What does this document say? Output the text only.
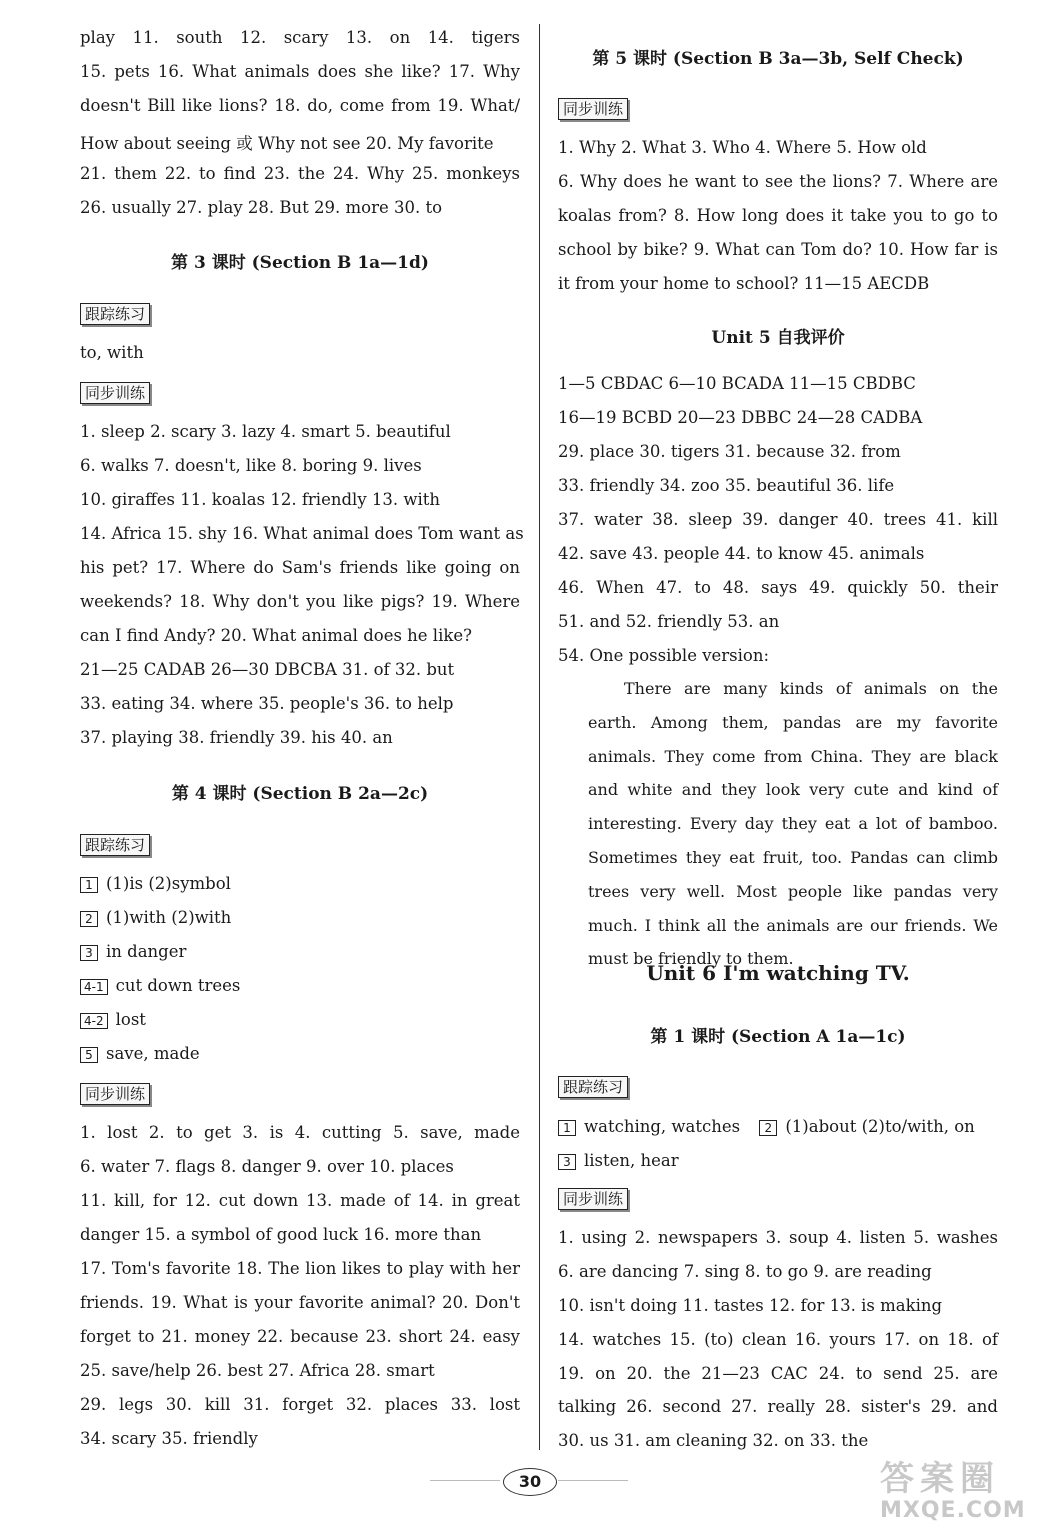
play 11. south 12. scary 13. on 14. tigers
15. pets 16. What animals does she like? 17. Why
doesn't Bill like lions? 18. do, come from 19. What/
How about seeing 或 Why not see 20. My favorite
21. them 22. to find 23. the 24. Why 25. monkeys
26. usually 27. play 28. But 29. more 30. to
第 3 课时 (Section B 1a—1d)
跟踪练习
to, with
同步训练
1. sleep 2. scary 3. lazy 4. smart 5. beautiful
6. walks 7. doesn't, like 8. boring 9. lives
10. giraffes 11. koalas 12. friendly 13. with
14. Africa 15. shy 16. What animal does Tom want as
his pet? 17. Where do Sam's friends like going on
weekends? 18. Why don't you like pigs? 19. Where
can I find Andy? 20. What animal does he like?
21—25 CADAB 26—30 DBCBA 31. of 32. but
33. eating 34. where 35. people's 36. to help
37. playing 38. friendly 39. his 40. an
第 4 课时 (Section B 2a—2c)
跟踪练习
1 (1)is (2)symbol
2 (1)with (2)with
3 in danger
4-1 cut down trees
4-2 lost
5 save, made
同步训练
1. lost 2. to get 3. is 4. cutting 5. save, made
6. water 7. flags 8. danger 9. over 10. places
11. kill, for 12. cut down 13. made of 14. in great
danger 15. a symbol of good luck 16. more than
17. Tom's favorite 18. The lion likes to play with her
friends. 19. What is your favorite animal? 20. Don't
forget to 21. money 22. because 23. short 24. easy
25. save/help 26. best 27. Africa 28. smart
29. legs 30. kill 31. forget 32. places 33. lost
34. scary 35. friendly
第 5 课时 (Section B 3a—3b, Self Check)
同步训练
1. Why 2. What 3. Who 4. Where 5. How old
6. Why does he want to see the lions? 7. Where are
koalas from? 8. How long does it take you to go to
school by bike? 9. What can Tom do? 10. How far is
it from your home to school? 11—15 AECDB
Unit 5 自我评价
1—5 CBDAC 6—10 BCADA 11—15 CBDBC
16—19 BCBD 20—23 DBBC 24—28 CADBA
29. place 30. tigers 31. because 32. from
33. friendly 34. zoo 35. beautiful 36. life
37. water 38. sleep 39. danger 40. trees 41. kill
42. save 43. people 44. to know 45. animals
46. When 47. to 48. says 49. quickly 50. their
51. and 52. friendly 53. an
54. One possible version:

There are many kinds of animals on the earth. Among them, pandas are my favorite animals. They come from China. They are black and white and they look very cute and kind of interesting. Every day they eat a lot of bamboo. Sometimes they eat fruit, too. Pandas can climb trees very well. Most people like pandas very much. I think all the animals are our friends. We must be friendly to them.

Unit 6 I'm watching TV.
第 1 课时 (Section A 1a—1c)
跟踪练习
1 watching, watches 2 (1)about (2)to/with, on
3 listen, hear
同步训练
1. using 2. newspapers 3. soup 4. listen 5. washes
6. are dancing 7. sing 8. to go 9. are reading
10. isn't doing 11. tastes 12. for 13. is making
14. watches 15. (to) clean 16. yours 17. on 18. of
19. on 20. the 21—23 CAC 24. to send 25. are
talking 26. second 27. really 28. sister's 29. and
30. us 31. am cleaning 32. on 33. the
30	答案圈
MXQE.COM
